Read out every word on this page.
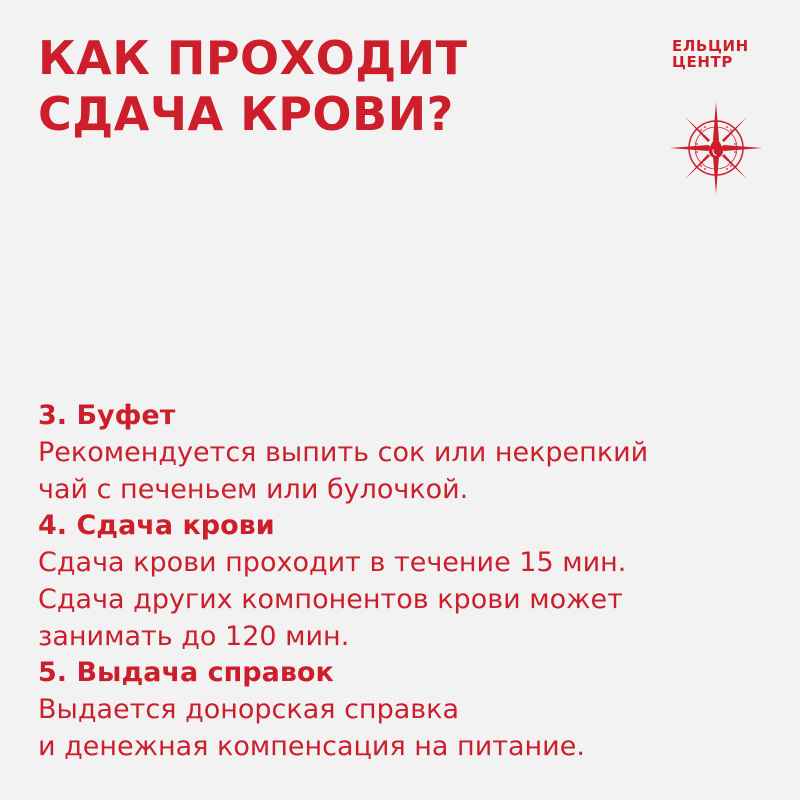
КАК ПРОХОДИТ
СДАЧА КРОВИ?
ЕЛЬЦИН
ЦЕНТР
3. Буфет
Рекомендуется выпить сок или некрепкий
чай с печеньем или булочкой.
4. Сдача крови
Сдача крови проходит в течение 15 мин.
Сдача других компонентов крови может
занимать до 120 мин.
5. Выдача справок
Выдается донорская справка
и денежная компенсация на питание.
